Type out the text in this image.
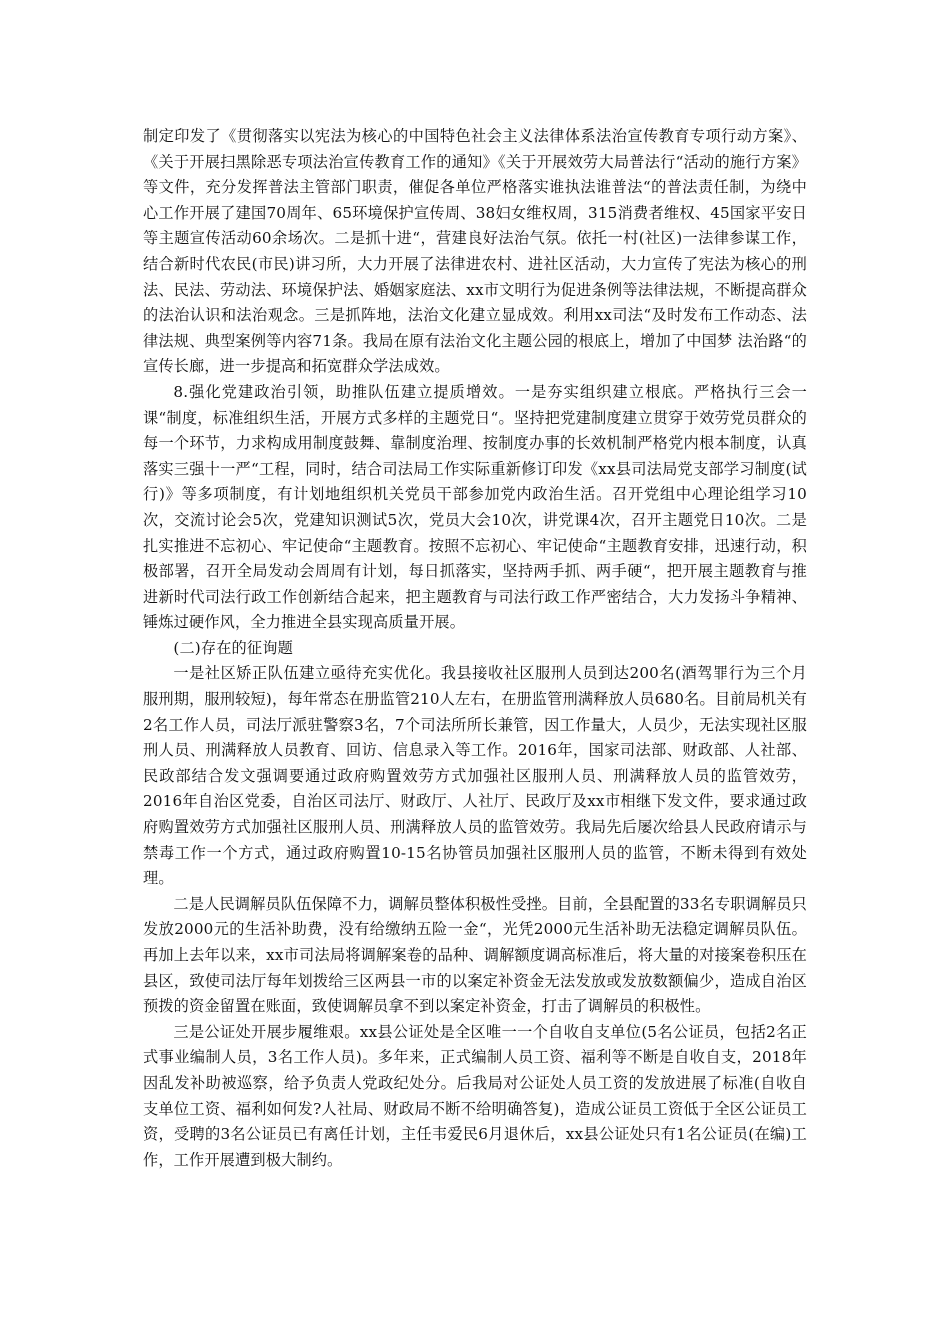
制定印发了《贯彻落实以宪法为核心的中国特色社会主义法律体系法治宣传教育专项行动方案》、《关于开展扫黑除恶专项法治宣传教育工作的通知》《关于开展效劳大局普法行“活动的施行方案》等文件，充分发挥普法主管部门职责，催促各单位严格落实谁执法谁普法“的普法责任制，为绕中心工作开展了建国70周年、65环境保护宣传周、38妇女维权周，315消费者维权、45国家平安日等主题宣传活动60余场次。二是抓十进“，营建良好法治气氛。依托一村(社区)一法律参谋工作，结合新时代农民(市民)讲习所，大力开展了法律进农村、进社区活动，大力宣传了宪法为核心的刑法、民法、劳动法、环境保护法、婚姻家庭法、xx市文明行为促进条例等法律法规，不断提高群众的法治认识和法治观念。三是抓阵地，法治文化建立显成效。利用xx司法“及时发布工作动态、法律法规、典型案例等内容71条。我局在原有法治文化主题公园的根底上，增加了中国梦 法治路“的宣传长廊，进一步提高和拓宽群众学法成效。

8.强化党建政治引领，助推队伍建立提质增效。一是夯实组织建立根底。严格执行三会一课“制度，标准组织生活，开展方式多样的主题党日“。坚持把党建制度建立贯穿于效劳党员群众的每一个环节，力求构成用制度鼓舞、靠制度治理、按制度办事的长效机制严格党内根本制度，认真落实三强十一严“工程，同时，结合司法局工作实际重新修订印发《xx县司法局党支部学习制度(试行)》等多项制度，有计划地组织机关党员干部参加党内政治生活。召开党组中心理论组学习10次，交流讨论会5次，党建知识测试5次，党员大会10次，讲党课4次，召开主题党日10次。二是扎实推进不忘初心、牢记使命“主题教育。按照不忘初心、牢记使命“主题教育安排，迅速行动，积极部署，召开全局发动会周周有计划，每日抓落实，坚持两手抓、两手硬“，把开展主题教育与推进新时代司法行政工作创新结合起来，把主题教育与司法行政工作严密结合，大力发扬斗争精神、锤炼过硬作风，全力推进全县实现高质量开展。

(二)存在的征询题

一是社区矫正队伍建立亟待充实优化。我县接收社区服刑人员到达200名(酒驾罪行为三个月服刑期，服刑较短)，每年常态在册监管210人左右，在册监管刑满释放人员680名。目前局机关有2名工作人员，司法厅派驻警察3名，7个司法所所长兼管，因工作量大，人员少，无法实现社区服刑人员、刑满释放人员教育、回访、信息录入等工作。2016年，国家司法部、财政部、人社部、民政部结合发文强调要通过政府购置效劳方式加强社区服刑人员、刑满释放人员的监管效劳，2016年自治区党委，自治区司法厅、财政厅、人社厅、民政厅及xx市相继下发文件，要求通过政府购置效劳方式加强社区服刑人员、刑满释放人员的监管效劳。我局先后屡次给县人民政府请示与禁毒工作一个方式，通过政府购置10-15名协管员加强社区服刑人员的监管，不断未得到有效处理。

二是人民调解员队伍保障不力，调解员整体积极性受挫。目前，全县配置的33名专职调解员只发放2000元的生活补助费，没有给缴纳五险一金“，光凭2000元生活补助无法稳定调解员队伍。再加上去年以来，xx市司法局将调解案卷的品种、调解额度调高标准后，将大量的对接案卷积压在县区，致使司法厅每年划拨给三区两县一市的以案定补资金无法发放或发放数额偏少，造成自治区预拨的资金留置在账面，致使调解员拿不到以案定补资金，打击了调解员的积极性。

三是公证处开展步履维艰。xx县公证处是全区唯一一个自收自支单位(5名公证员，包括2名正式事业编制人员，3名工作人员)。多年来，正式编制人员工资、福利等不断是自收自支，2018年因乱发补助被巡察，给予负责人党政纪处分。后我局对公证处人员工资的发放进展了标准(自收自支单位工资、福利如何发?人社局、财政局不断不给明确答复)，造成公证员工资低于全区公证员工资，受聘的3名公证员已有离任计划，主任韦爱民6月退休后，xx县公证处只有1名公证员(在编)工作，工作开展遭到极大制约。
